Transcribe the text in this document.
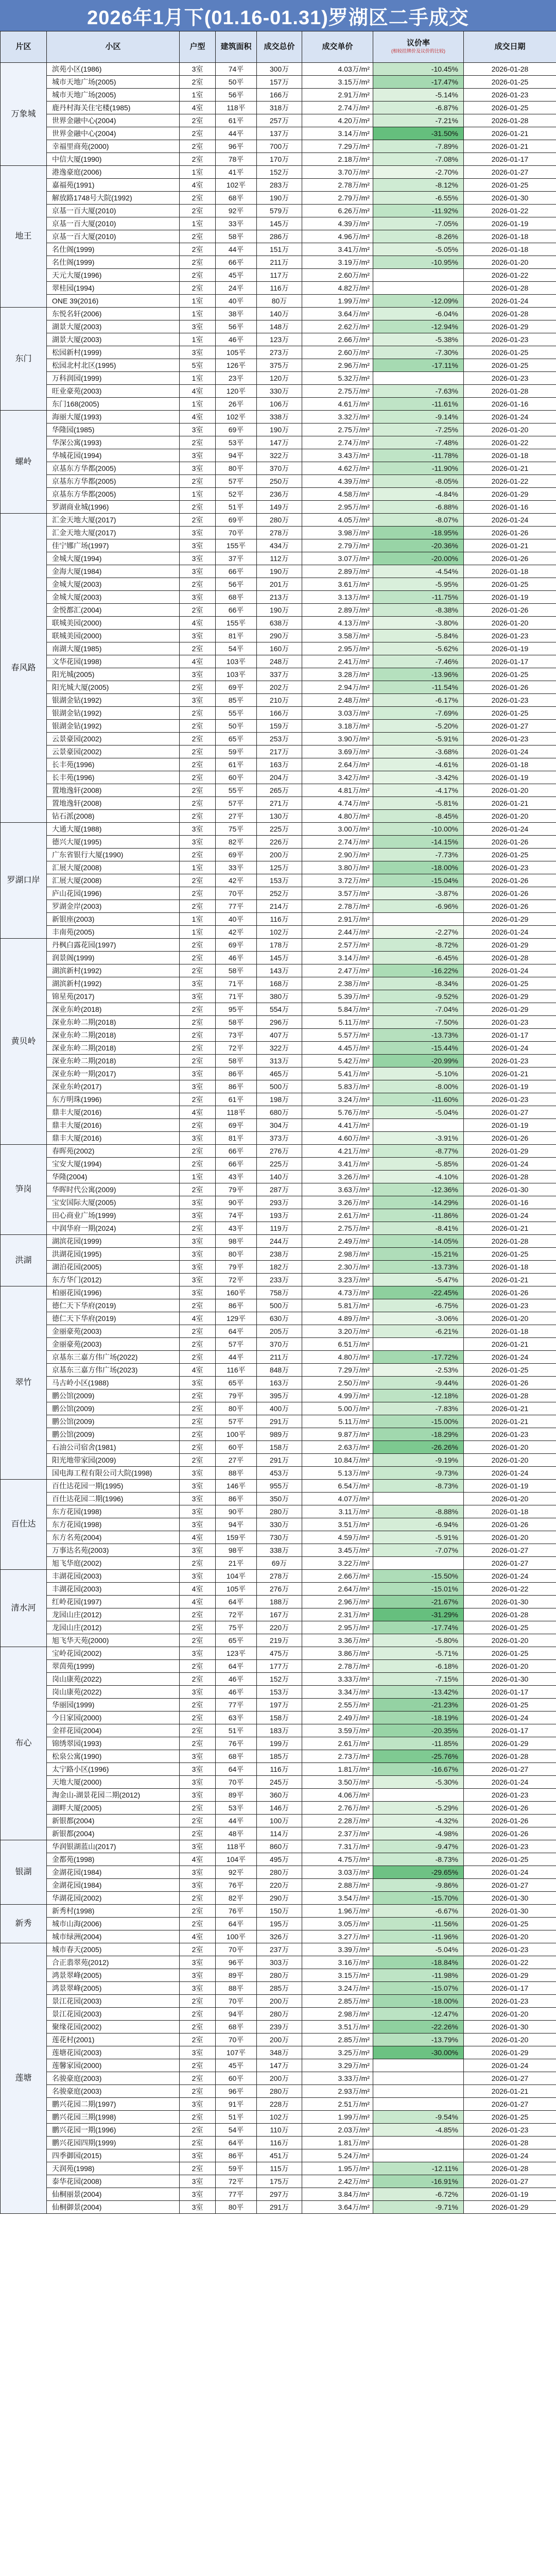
2026年1月下(01.16-01.31)罗湖区二手成交
片区	小区	户型	建筑面积	成交总价	成交单价	议价率
(相较挂牌价及议价的比较)	成交日期
万象城	滨苑小区(1986)	3室	74平	300万	4.03万/m²	-10.45%	2026-01-28
	城市天地广场(2005)	2室	50平	157万	3.15万/m²	-17.47%	2026-01-25
	城市天地广场(2005)	1室	56平	166万	2.91万/m²	-5.14%	2026-01-23
	鹿丹村海关住宅楼(1985)	4室	118平	318万	2.74万/m²	-6.87%	2026-01-25
	世界金融中心(2004)	2室	61平	257万	4.20万/m²	-7.21%	2026-01-28
	世界金融中心(2004)	2室	44平	137万	3.14万/m²	-31.50%	2026-01-21
	幸福里商苑(2000)	2室	96平	700万	7.29万/m²	-7.89%	2026-01-21
	中信大厦(1990)	2室	78平	170万	2.18万/m²	-7.08%	2026-01-17
地王	港逸豪庭(2006)	1室	41平	152万	3.70万/m²	-2.70%	2026-01-27
	嘉福苑(1991)	4室	102平	283万	2.78万/m²	-8.12%	2026-01-25
	解放路1748号大院(1992)	2室	68平	190万	2.79万/m²	-6.55%	2026-01-30
	京基一百大厦(2010)	2室	92平	579万	6.26万/m²	-11.92%	2026-01-22
	京基一百大厦(2010)	1室	33平	145万	4.39万/m²	-7.05%	2026-01-19
	京基一百大厦(2010)	2室	58平	286万	4.96万/m²	-8.26%	2026-01-18
	名仕阁(1999)	2室	44平	151万	3.41万/m²	-5.05%	2026-01-18
	名仕阁(1999)	2室	66平	211万	3.19万/m²	-10.95%	2026-01-20
	天元大厦(1996)	2室	45平	117万	2.60万/m²		2026-01-22
	翠桂园(1994)	2室	24平	116万	4.82万/m²		2026-01-28
	ONE 39(2016)	1室	40平	80万	1.99万/m²	-12.09%	2026-01-24
东门	东悦名轩(2006)	1室	38平	140万	3.64万/m²	-6.04%	2026-01-28
	湖景大厦(2003)	3室	56平	148万	2.62万/m²	-12.94%	2026-01-29
	湖景大厦(2003)	1室	46平	123万	2.66万/m²	-5.38%	2026-01-23
	松园新村(1999)	3室	105平	273万	2.60万/m²	-7.30%	2026-01-25
	松园北村北区(1995)	5室	126平	375万	2.96万/m²	-17.11%	2026-01-25
	万科润园(1999)	1室	23平	120万	5.32万/m²		2026-01-23
	旺业豪苑(2003)	4室	120平	330万	2.75万/m²	-7.63%	2026-01-28
	东门168(2005)	1室	26平	106万	4.61万/m²	-11.61%	2026-01-16
螺岭	海丽大厦(1993)	4室	102平	338万	3.32万/m²	-9.14%	2026-01-24
	华隆园(1985)	3室	69平	190万	2.75万/m²	-7.25%	2026-01-20
	华深公寓(1993)	2室	53平	147万	2.74万/m²	-7.48%	2026-01-22
	华城花园(1994)	3室	94平	322万	3.43万/m²	-11.78%	2026-01-18
	京基东方华都(2005)	3室	80平	370万	4.62万/m²	-11.90%	2026-01-21
	京基东方华都(2005)	2室	57平	250万	4.39万/m²	-8.05%	2026-01-22
	京基东方华都(2005)	1室	52平	236万	4.58万/m²	-4.84%	2026-01-29
	罗湖商业城(1996)	2室	51平	149万	2.95万/m²	-6.88%	2026-01-16
春风路	汇金天地大厦(2017)	2室	69平	280万	4.05万/m²	-8.07%	2026-01-24
	汇金天地大厦(2017)	3室	70平	278万	3.98万/m²	-18.95%	2026-01-26
	佳宁娜广场(1997)	3室	155平	434万	2.79万/m²	-20.36%	2026-01-21
	金城大厦(1994)	3室	37平	112万	3.07万/m²	-20.00%	2026-01-26
	金海大厦(1984)	3室	66平	190万	2.89万/m²	-4.54%	2026-01-18
	金城大厦(2003)	2室	56平	201万	3.61万/m²	-5.95%	2026-01-25
	金城大厦(2003)	3室	68平	213万	3.13万/m²	-11.75%	2026-01-19
	金悦都汇(2004)	2室	66平	190万	2.89万/m²	-8.38%	2026-01-26
	联城美园(2000)	4室	155平	638万	4.13万/m²	-3.80%	2026-01-20
	联城美园(2000)	3室	81平	290万	3.58万/m²	-5.84%	2026-01-23
	南湖大厦(1985)	2室	54平	160万	2.95万/m²	-5.62%	2026-01-19
	文华花园(1998)	4室	103平	248万	2.41万/m²	-7.46%	2026-01-17
	阳光城(2005)	3室	103平	337万	3.28万/m²	-13.96%	2026-01-25
	阳光城大厦(2005)	2室	69平	202万	2.94万/m²	-11.54%	2026-01-26
	银湖金钻(1992)	3室	85平	210万	2.48万/m²	-6.17%	2026-01-23
	银湖金钻(1992)	2室	55平	166万	3.03万/m²	-7.69%	2026-01-25
	银湖金钻(1992)	2室	50平	159万	3.18万/m²	-5.20%	2026-01-27
	云景豪园(2002)	2室	65平	253万	3.90万/m²	-5.91%	2026-01-23
	云景豪园(2002)	2室	59平	217万	3.69万/m²	-3.68%	2026-01-24
	长丰苑(1996)	2室	61平	163万	2.64万/m²	-4.61%	2026-01-18
	长丰苑(1996)	2室	60平	204万	3.42万/m²	-3.42%	2026-01-19
	置地逸轩(2008)	2室	55平	265万	4.81万/m²	-4.17%	2026-01-20
	置地逸轩(2008)	2室	57平	271万	4.74万/m²	-5.81%	2026-01-21
	钻石派(2008)	2室	27平	130万	4.80万/m²	-8.45%	2026-01-20
罗湖口岸	大通大厦(1988)	3室	75平	225万	3.00万/m²	-10.00%	2026-01-24
	德兴大厦(1995)	3室	82平	226万	2.74万/m²	-14.15%	2026-01-26
	广东省银行大厦(1990)	2室	69平	200万	2.90万/m²	-7.73%	2026-01-25
	汇展大厦(2008)	1室	33平	125万	3.80万/m²	-18.00%	2026-01-23
	汇展大厦(2008)	2室	42平	153万	3.72万/m²	-15.04%	2026-01-26
	庐山花园(1996)	2室	70平	252万	3.57万/m²	-3.87%	2026-01-26
	罗湖金岸(2003)	2室	77平	214万	2.78万/m²	-6.96%	2026-01-26
	新银座(2003)	1室	40平	116万	2.91万/m²		2026-01-29
	丰南苑(2005)	1室	42平	102万	2.44万/m²	-2.27%	2026-01-24
黄贝岭	丹枫白露花园(1997)	2室	69平	178万	2.57万/m²	-8.72%	2026-01-29
	润景阁(1999)	2室	46平	145万	3.14万/m²	-6.45%	2026-01-28
	湖滨新村(1992)	2室	58平	143万	2.47万/m²	-16.22%	2026-01-24
	湖滨新村(1992)	3室	71平	168万	2.38万/m²	-8.34%	2026-01-25
	锦星苑(2017)	3室	71平	380万	5.39万/m²	-9.52%	2026-01-29
	深业东岭(2018)	2室	95平	554万	5.84万/m²	-7.04%	2026-01-29
	深业东岭二期(2018)	2室	58平	296万	5.11万/m²	-7.50%	2026-01-23
	深业东岭二期(2018)	2室	73平	407万	5.57万/m²	-13.73%	2026-01-17
	深业东岭二期(2018)	2室	72平	322万	4.45万/m²	-15.44%	2026-01-24
	深业东岭二期(2018)	2室	58平	313万	5.42万/m²	-20.99%	2026-01-23
	深业东岭一期(2017)	3室	86平	465万	5.41万/m²	-5.10%	2026-01-21
	深业东岭(2017)	3室	86平	500万	5.83万/m²	-8.00%	2026-01-19
	东方明珠(1996)	2室	61平	198万	3.24万/m²	-11.60%	2026-01-23
	鼎丰大厦(2016)	4室	118平	680万	5.76万/m²	-5.04%	2026-01-27
	鼎丰大厦(2016)	2室	69平	304万	4.41万/m²		2026-01-19
	鼎丰大厦(2016)	3室	81平	373万	4.60万/m²	-3.91%	2026-01-26
笋岗	春晖苑(2002)	2室	66平	276万	4.21万/m²	-8.77%	2026-01-29
	宝安大厦(1994)	2室	66平	225万	3.41万/m²	-5.85%	2026-01-24
	华隆(2004)	1室	43平	140万	3.26万/m²	-4.10%	2026-01-28
	华晖时代公寓(2009)	2室	79平	287万	3.63万/m²	-12.36%	2026-01-30
	宝安国际大厦(2005)	3室	90平	293万	3.26万/m²	-14.29%	2026-01-16
	田心商业广场(1999)	3室	74平	193万	2.61万/m²	-11.86%	2026-01-24
	中润华府一期(2024)	2室	43平	119万	2.75万/m²	-8.41%	2026-01-21
洪湖	湖滨花园(1999)	3室	98平	244万	2.49万/m²	-14.05%	2026-01-28
	洪湖花园(1995)	3室	80平	238万	2.98万/m²	-15.21%	2026-01-25
	湖泊花园(2005)	3室	79平	182万	2.30万/m²	-13.73%	2026-01-18
	东方华门(2012)	3室	72平	233万	3.23万/m²	-5.47%	2026-01-21
翠竹	柏丽花园(1996)	3室	160平	758万	4.73万/m²	-22.45%	2026-01-26
	德仁天下华府(2019)	2室	86平	500万	5.81万/m²	-6.75%	2026-01-23
	德仁天下华府(2019)	4室	129平	630万	4.89万/m²	-3.06%	2026-01-20
	金丽豪苑(2003)	2室	64平	205万	3.20万/m²	-6.21%	2026-01-18
	金丽豪苑(2003)	2室	57平	370万	6.51万/m²		2026-01-21
	京基东三嘉方伟广场(2022)	2室	44平	211万	4.80万/m²	-17.72%	2026-01-24
	京基东三嘉方伟广场(2023)	4室	116平	848万	7.29万/m²	-2.53%	2026-01-25
	马古岭小区(1988)	3室	65平	163万	2.50万/m²	-9.44%	2026-01-26
	鹏公馆(2009)	2室	79平	395万	4.99万/m²	-12.18%	2026-01-28
	鹏公馆(2009)	2室	80平	400万	5.00万/m²	-7.83%	2026-01-21
	鹏公馆(2009)	2室	57平	291万	5.11万/m²	-15.00%	2026-01-21
	鹏公馆(2009)	2室	100平	989万	9.87万/m²	-18.29%	2026-01-23
	石油公司宿舍(1981)	2室	60平	158万	2.63万/m²	-26.26%	2026-01-20
	阳光地带家园(2009)	2室	27平	291万	10.84万/m²	-9.19%	2026-01-20
	国电海工程有限公司大院(1998)	3室	88平	453万	5.13万/m²	-9.73%	2026-01-24
百仕达	百仕达花园一期(1995)	3室	146平	955万	6.54万/m²	-8.73%	2026-01-19
	百仕达花园二期(1996)	3室	86平	350万	4.07万/m²		2026-01-20
	东方花园(1998)	3室	90平	280万	3.11万/m²	-8.88%	2026-01-18
	东方花园(1998)	3室	94平	330万	3.51万/m²	-6.94%	2026-01-26
	东方名苑(2004)	4室	159平	730万	4.59万/m²	-5.91%	2026-01-20
	万事达名苑(2003)	3室	98平	338万	3.45万/m²	-7.07%	2026-01-27
	旭飞华庭(2002)	2室	21平	69万	3.22万/m²		2026-01-27
清水河	丰湖花园(2003)	3室	104平	278万	2.66万/m²	-15.50%	2026-01-24
	丰湖花园(2003)	4室	105平	276万	2.64万/m²	-15.01%	2026-01-22
	红岭花园(1997)	4室	64平	188万	2.96万/m²	-21.67%	2026-01-30
	龙园山庄(2012)	2室	72平	167万	2.31万/m²	-31.29%	2026-01-28
	龙园山庄(2012)	2室	75平	220万	2.95万/m²	-17.74%	2026-01-25
	旭飞华天苑(2000)	2室	65平	219万	3.36万/m²	-5.80%	2026-01-20
布心	宝岭花园(2002)	3室	123平	475万	3.86万/m²	-5.71%	2026-01-25
	翠茵苑(1999)	2室	64平	177万	2.78万/m²	-6.18%	2026-01-20
	岗山康苑(2022)	2室	46平	152万	3.33万/m²	-7.15%	2026-01-30
	岗山康苑(2022)	3室	46平	153万	3.34万/m²	-13.42%	2026-01-17
	华丽园(1999)	2室	77平	197万	2.55万/m²	-21.23%	2026-01-25
	今日家园(2000)	2室	63平	158万	2.49万/m²	-18.19%	2026-01-24
	金祥花园(2004)	2室	51平	183万	3.59万/m²	-20.35%	2026-01-17
	锦绣翠园(1993)	2室	76平	199万	2.61万/m²	-11.85%	2026-01-29
	松泉公寓(1990)	3室	68平	185万	2.73万/m²	-25.76%	2026-01-28
	太宁路小区(1996)	3室	64平	116万	1.81万/m²	-16.67%	2026-01-27
	天地大厦(2000)	3室	70平	245万	3.50万/m²	-5.30%	2026-01-24
	淘金山-湖景花园二期(2012)	3室	89平	360万	4.06万/m²		2026-01-23
	湖畔大厦(2005)	2室	53平	146万	2.76万/m²	-5.29%	2026-01-26
	新银都(2004)	2室	44平	100万	2.28万/m²	-4.32%	2026-01-26
	新银都(2004)	2室	48平	114万	2.37万/m²	-4.98%	2026-01-26
银湖	华润银湖蓝山(2017)	3室	118平	860万	7.31万/m²	-9.47%	2026-01-23
	金都苑(1998)	4室	104平	495万	4.75万/m²	-8.73%	2026-01-25
	金湖花园(1984)	3室	92平	280万	3.03万/m²	-29.65%	2026-01-24
	金湖花园(1984)	3室	76平	220万	2.88万/m²	-9.86%	2026-01-27
	华湖花园(2002)	2室	82平	290万	3.54万/m²	-15.70%	2026-01-30
新秀	新秀村(1998)	2室	76平	150万	1.96万/m²	-6.67%	2026-01-30
	城市山海(2006)	2室	64平	195万	3.05万/m²	-11.56%	2026-01-25
	城市绿洲(2004)	4室	100平	326万	3.27万/m²	-11.96%	2026-01-20
莲塘	城市春天(2005)	2室	70平	237万	3.39万/m²	-5.04%	2026-01-23
	合正翡翠苑(2012)	3室	96平	303万	3.16万/m²	-18.84%	2026-01-22
	鸿景翠峰(2005)	3室	89平	280万	3.15万/m²	-11.98%	2026-01-29
	鸿景翠峰(2005)	3室	88平	285万	3.24万/m²	-15.07%	2026-01-17
	景江花园(2003)	2室	70平	200万	2.85万/m²	-18.00%	2026-01-23
	景江花园(2003)	2室	94平	280万	2.98万/m²	-12.47%	2026-01-20
	聚缘花园(2002)	2室	68平	239万	3.51万/m²	-22.26%	2026-01-30
	莲花村(2001)	2室	70平	200万	2.85万/m²	-13.79%	2026-01-20
	莲塘花园(2003)	3室	107平	348万	3.25万/m²	-30.00%	2026-01-29
	莲馨家园(2000)	2室	45平	147万	3.29万/m²		2026-01-24
	名骏豪庭(2003)	2室	60平	200万	3.33万/m²		2026-01-27
	名骏豪庭(2003)	2室	96平	280万	2.93万/m²		2026-01-21
	鹏兴花园二期(1997)	3室	91平	228万	2.51万/m²		2026-01-27
	鹏兴花园三期(1998)	2室	51平	102万	1.99万/m²	-9.54%	2026-01-25
	鹏兴花园一期(1996)	2室	54平	110万	2.03万/m²	-4.85%	2026-01-23
	鹏兴花园四期(1999)	2室	64平	116万	1.81万/m²		2026-01-28
	四季御园(2015)	3室	86平	451万	5.24万/m²		2026-01-24
	天润苑(1998)	2室	59平	115万	1.95万/m²	-12.11%	2026-01-28
	泰华花园(2008)	3室	72平	175万	2.42万/m²	-16.91%	2026-01-27
	仙桐丽景(2004)	3室	77平	297万	3.84万/m²	-6.72%	2026-01-19
	仙桐御景(2004)	3室	80平	291万	3.64万/m²	-9.71%	2026-01-29
